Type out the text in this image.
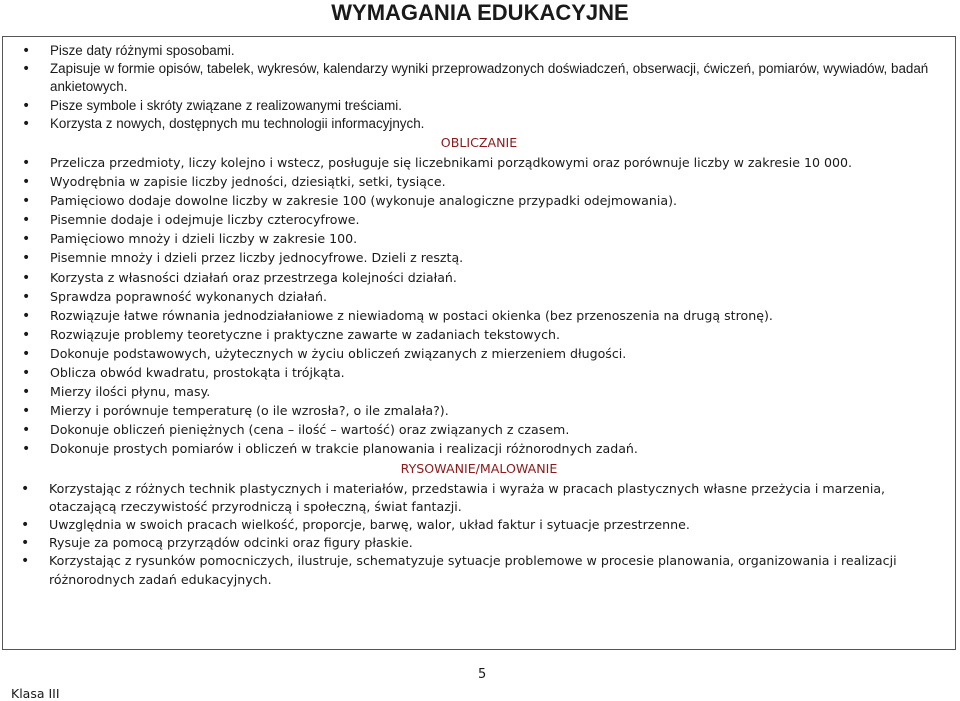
WYMAGANIA EDUKACYJNE
• Pisze daty różnymi sposobami.
• Zapisuje w formie opisów, tabelek, wykresów, kalendarzy wyniki przeprowadzonych doświadczeń, obserwacji, ćwiczeń, pomiarów, wywiadów, badań ankietowych.
• Pisze symbole i skróty związane z realizowanymi treściami.
• Korzysta z nowych, dostępnych mu technologii informacyjnych.
OBLICZANIE
• Przelicza przedmioty, liczy kolejno i wstecz, posługuje się liczebnikami porządkowymi oraz porównuje liczby w zakresie 10 000.
• Wyodrębnia w zapisie liczby jedności, dziesiątki, setki, tysiące.
• Pamięciowo dodaje dowolne liczby w zakresie 100 (wykonuje analogiczne przypadki odejmowania).
• Pisemnie dodaje i odejmuje liczby czterocyfrowe.
• Pamięciowo mnoży i dzieli liczby w zakresie 100.
• Pisemnie mnoży i dzieli przez liczby jednocyfrowe. Dzieli z resztą.
• Korzysta z własności działań oraz przestrzega kolejności działań.
• Sprawdza poprawność wykonanych działań.
• Rozwiązuje łatwe równania jednodziałaniowe z niewiadomą w postaci okienka (bez przenoszenia na drugą stronę).
• Rozwiązuje problemy teoretyczne i praktyczne zawarte w zadaniach tekstowych.
• Dokonuje podstawowych, użytecznych w życiu obliczeń związanych z mierzeniem długości.
• Oblicza obwód kwadratu, prostokąta i trójkąta.
• Mierzy ilości płynu, masy.
• Mierzy i porównuje temperaturę (o ile wzrosła?, o ile zmalała?).
• Dokonuje obliczeń pieniężnych (cena – ilość – wartość) oraz związanych z czasem.
• Dokonuje prostych pomiarów i obliczeń w trakcie planowania i realizacji różnorodnych zadań.
RYSOWANIE/MALOWANIE
• Korzystając z różnych technik plastycznych i materiałów, przedstawia i wyraża w pracach plastycznych własne przeżycia i marzenia, otaczającą rzeczywistość przyrodniczą i społeczną, świat fantazji.
• Uwzględnia w swoich pracach wielkość, proporcje, barwę, walor, układ faktur i sytuacje przestrzenne.
• Rysuje za pomocą przyrządów odcinki oraz figury płaskie.
• Korzystając z rysunków pomocniczych, ilustruje, schematyzuje sytuacje problemowe w procesie planowania, organizowania i realizacji różnorodnych zadań edukacyjnych.
5
Klasa III
